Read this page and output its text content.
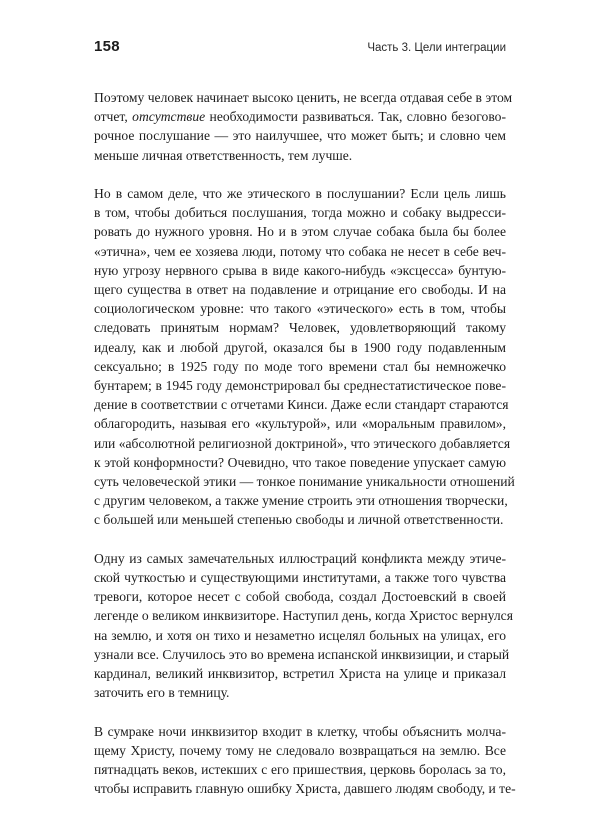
158	Часть 3. Цели интеграции

Поэтому человек начинает высоко ценить, не всегда отдавая себе в этом
отчет, отсутствие необходимости развиваться. Так, словно безогово-
рочное послушание — это наилучшее, что может быть; и словно чем
меньше личная ответственность, тем лучше.

Но в самом деле, что же этического в послушании? Если цель лишь
в том, чтобы добиться послушания, тогда можно и собаку выдресси-
ровать до нужного уровня. Но и в этом случае собака была бы более
«этична», чем ее хозяева люди, потому что собака не несет в себе веч-
ную угрозу нервного срыва в виде какого-нибудь «эксцесса» бунтую-
щего существа в ответ на подавление и отрицание его свободы. И на
социологическом уровне: что такого «этического» есть в том, чтобы
следовать принятым нормам? Человек, удовлетворяющий такому
идеалу, как и любой другой, оказался бы в 1900 году подавленным
сексуально; в 1925 году по моде того времени стал бы немножечко
бунтарем; в 1945 году демонстрировал бы среднестатистическое пове-
дение в соответствии с отчетами Кинси. Даже если стандарт стараются
облагородить, называя его «культурой», или «моральным правилом»,
или «абсолютной религиозной доктриной», что этического добавляется
к этой конформности? Очевидно, что такое поведение упускает самую
суть человеческой этики — тонкое понимание уникальности отношений
с другим человеком, а также умение строить эти отношения творчески,
с большей или меньшей степенью свободы и личной ответственности.

Одну из самых замечательных иллюстраций конфликта между этиче-
ской чуткостью и существующими институтами, а также того чувства
тревоги, которое несет с собой свобода, создал Достоевский в своей
легенде о великом инквизиторе. Наступил день, когда Христос вернулся
на землю, и хотя он тихо и незаметно исцелял больных на улицах, его
узнали все. Случилось это во времена испанской инквизиции, и старый
кардинал, великий инквизитор, встретил Христа на улице и приказал
заточить его в темницу.

В сумраке ночи инквизитор входит в клетку, чтобы объяснить молча-
щему Христу, почему тому не следовало возвращаться на землю. Все
пятнадцать веков, истекших с его пришествия, церковь боролась за то,
чтобы исправить главную ошибку Христа, давшего людям свободу, и те-
